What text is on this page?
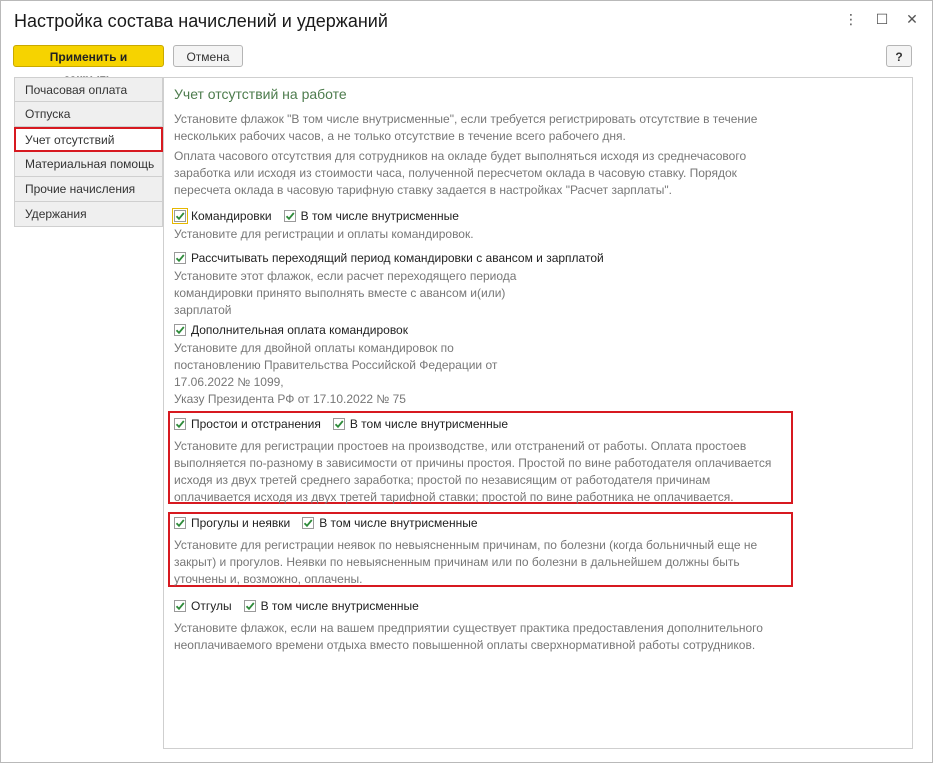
Настройка состава начислений и удержаний	⋮ ☐ ✕
Применить и	Отмена	?
Почасовая оплата
Отпуска
Учет отсутствий
Материальная помощь
Прочие начисления
Удержания
Учет отсутствий на работе
Установите флажок "В том числе внутрисменные", если требуется регистрировать отсутствие в течение
нескольких рабочих часов, а не только отсутствие в течение всего рабочего дня.
Оплата часового отсутствия для сотрудников на окладе будет выполняться исходя из среднечасового
заработка или исходя из стоимости часа, полученной пересчетом оклада в часовую ставку. Порядок
пересчета оклада в часовую тарифную ставку задается в настройках "Расчет зарплаты".
Командировки В том числе внутрисменные
Установите для регистрации и оплаты командировок.
Рассчитывать переходящий период командировки с авансом и зарплатой
Установите этот флажок, если расчет переходящего периода
командировки принято выполнять вместе с авансом и(или)
зарплатой
Дополнительная оплата командировок
Установите для двойной оплаты командировок по
постановлению Правительства Российской Федерации от
17.06.2022 № 1099,
Указу Президента РФ от 17.10.2022 № 75
Простои и отстранения В том числе внутрисменные
Установите для регистрации простоев на производстве, или отстранений от работы. Оплата простоев
выполняется по-разному в зависимости от причины простоя. Простой по вине работодателя оплачивается
исходя из двух третей среднего заработка; простой по независящим от работодателя причинам
оплачивается исходя из двух третей тарифной ставки; простой по вине работника не оплачивается.
Прогулы и неявки В том числе внутрисменные
Установите для регистрации неявок по невыясненным причинам, по болезни (когда больничный еще не
закрыт) и прогулов. Неявки по невыясненным причинам или по болезни в дальнейшем должны быть
уточнены и, возможно, оплачены.
Отгулы В том числе внутрисменные
Установите флажок, если на вашем предприятии существует практика предоставления дополнительного
неоплачиваемого времени отдыха вместо повышенной оплаты сверхнормативной работы сотрудников.
